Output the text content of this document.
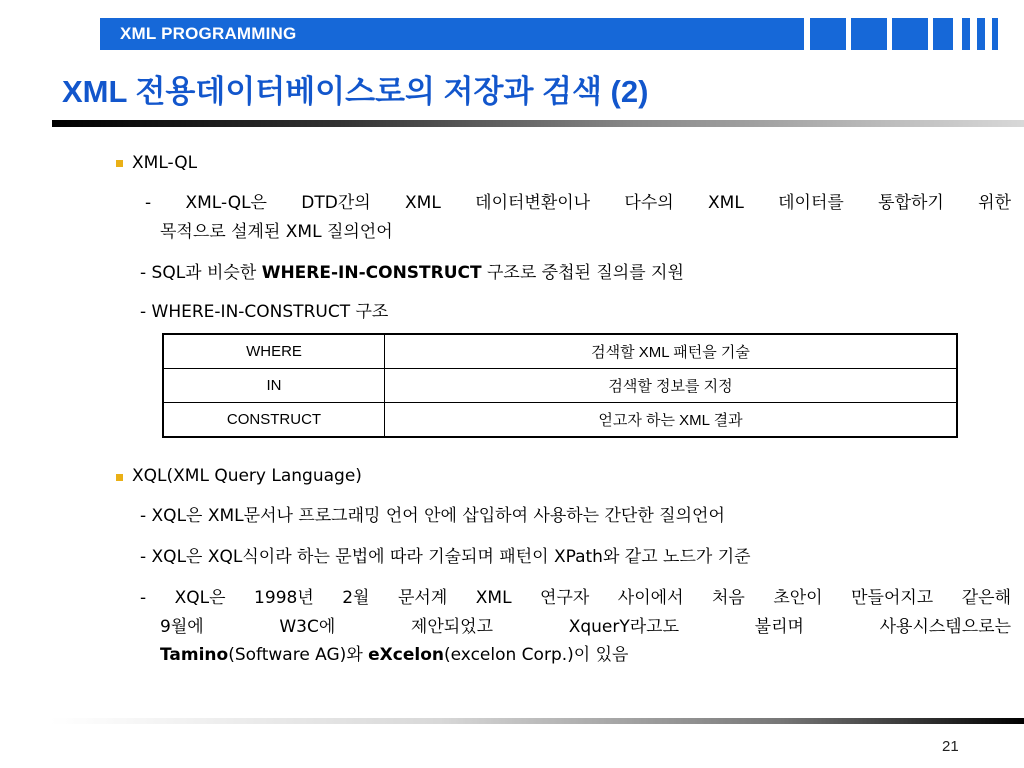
XML PROGRAMMING
XML 전용데이터베이스로의 저장과 검색 (2)
XML-QL
- XML-QL은 DTD간의 XML 데이터변환이나 다수의 XML 데이터를 통합하기 위한
목적으로 설계된 XML 질의언어
- SQL과 비슷한 WHERE-IN-CONSTRUCT 구조로 중첩된 질의를 지원
- WHERE-IN-CONSTRUCT 구조
WHERE	검색할 XML 패턴을 기술
IN	검색할 정보를 지정
CONSTRUCT	얻고자 하는 XML 결과
XQL(XML Query Language)
- XQL은 XML문서나 프로그래밍 언어 안에 삽입하여 사용하는 간단한 질의언어
- XQL은 XQL식이라 하는 문법에 따라 기술되며 패턴이 XPath와 같고 노드가 기준
- XQL은 1998년 2월 문서계 XML 연구자 사이에서 처음 초안이 만들어지고 같은해
9월에 W3C에 제안되었고 XquerY라고도 불리며 사용시스템으로는
Tamino(Software AG)와 eXcelon(excelon Corp.)이 있음
21
